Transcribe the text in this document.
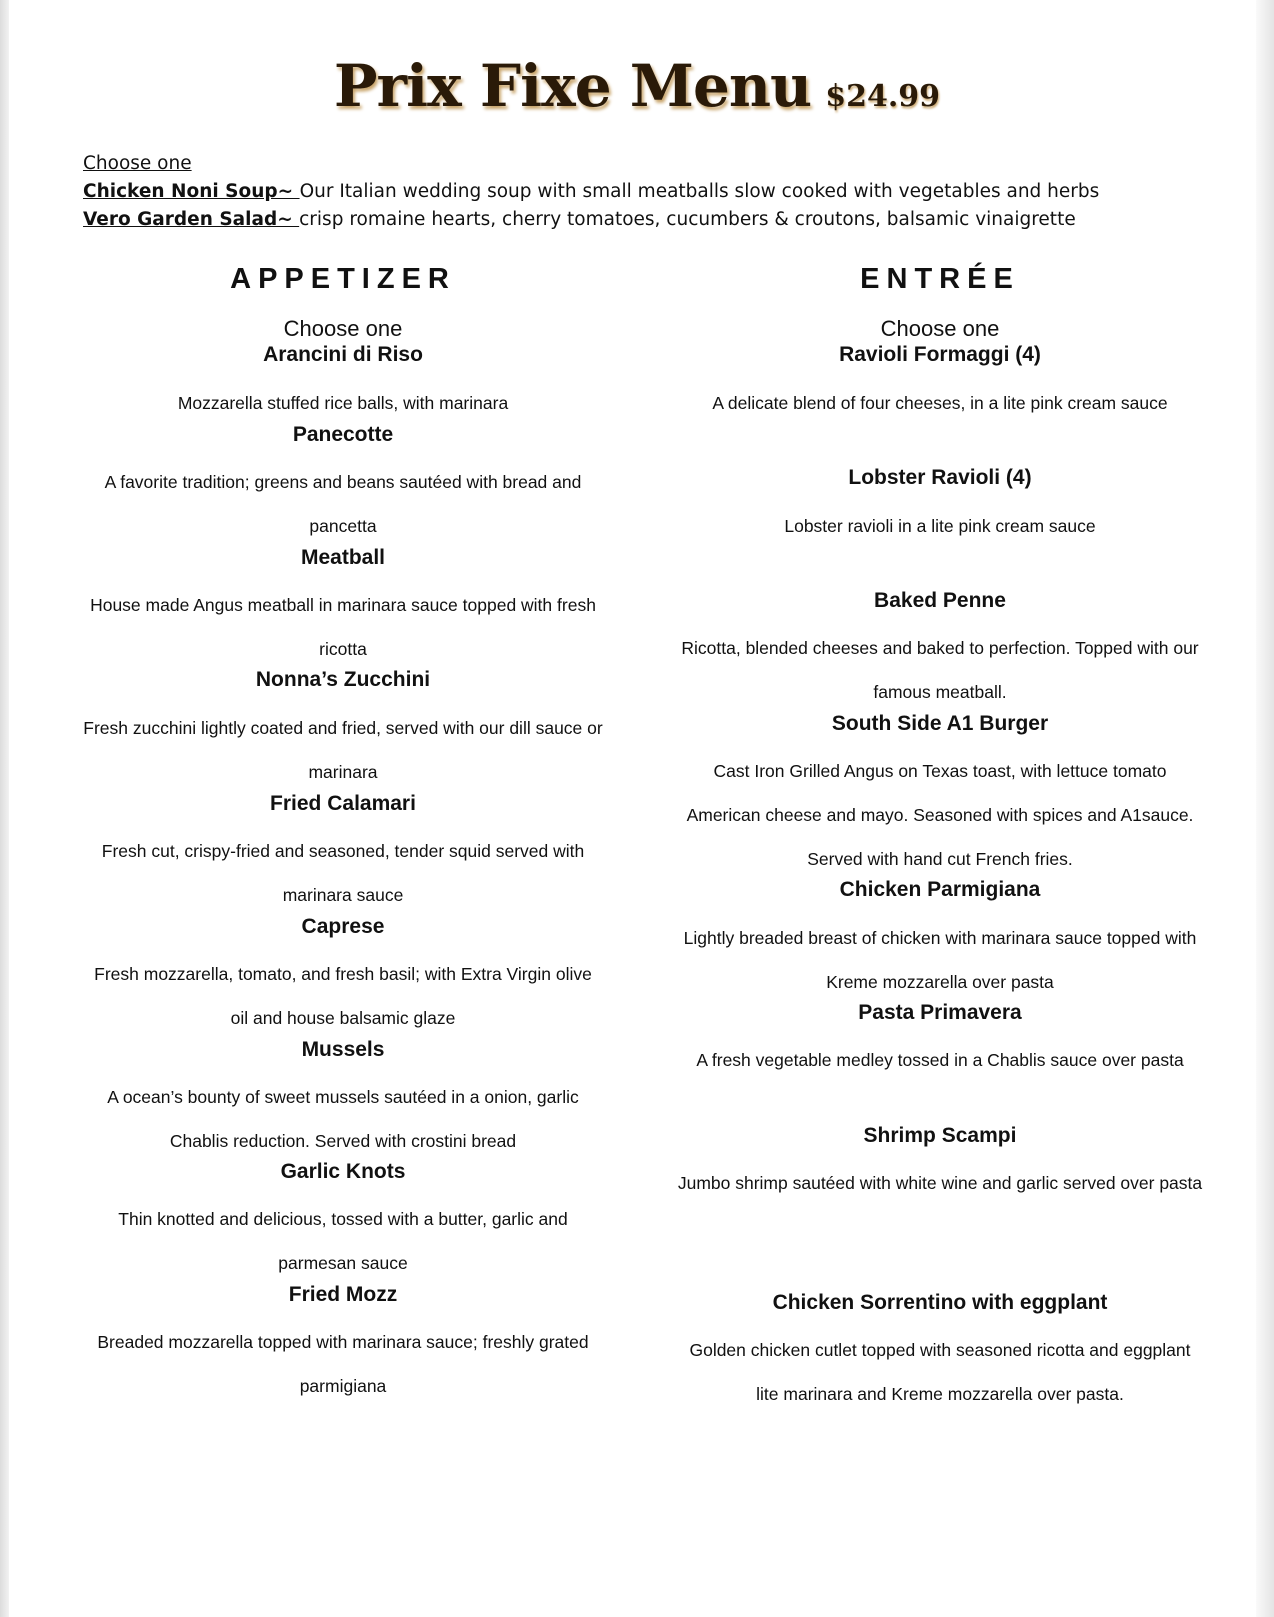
Prix Fixe Menu $24.99
Choose one
Chicken Noni Soup~ Our Italian wedding soup with small meatballs slow cooked with vegetables and herbs
Vero Garden Salad~ crisp romaine hearts, cherry tomatoes, cucumbers & croutons, balsamic vinaigrette
APPETIZER
Choose one
Arancini di Riso
Mozzarella stuffed rice balls, with marinara
Panecotte
A favorite tradition; greens and beans sautéed with bread and pancetta
Meatball
House made Angus meatball in marinara sauce topped with fresh ricotta
Nonna’s Zucchini
Fresh zucchini lightly coated and fried, served with our dill sauce or marinara
Fried Calamari
Fresh cut, crispy-fried and seasoned, tender squid served with marinara sauce
Caprese
Fresh mozzarella, tomato, and fresh basil; with Extra Virgin olive oil and house balsamic glaze
Mussels
A ocean’s bounty of sweet mussels sautéed in a onion, garlic Chablis reduction. Served with crostini bread
Garlic Knots
Thin knotted and delicious, tossed with a butter, garlic and parmesan sauce
Fried Mozz
Breaded mozzarella topped with marinara sauce; freshly grated parmigiana
ENTRÉE
Choose one
Ravioli Formaggi (4)
A delicate blend of four cheeses, in a lite pink cream sauce
Lobster Ravioli (4)
Lobster ravioli in a lite pink cream sauce
Baked Penne
Ricotta, blended cheeses and baked to perfection. Topped with our famous meatball.
South Side A1 Burger
Cast Iron Grilled Angus on Texas toast, with lettuce tomato American cheese and mayo. Seasoned with spices and A1sauce. Served with hand cut French fries.
Chicken Parmigiana
Lightly breaded breast of chicken with marinara sauce topped with Kreme mozzarella over pasta
Pasta Primavera
A fresh vegetable medley tossed in a Chablis sauce over pasta
Shrimp Scampi
Jumbo shrimp sautéed with white wine and garlic served over pasta
Chicken Sorrentino with eggplant
Golden chicken cutlet topped with seasoned ricotta and eggplant lite marinara and Kreme mozzarella over pasta.
